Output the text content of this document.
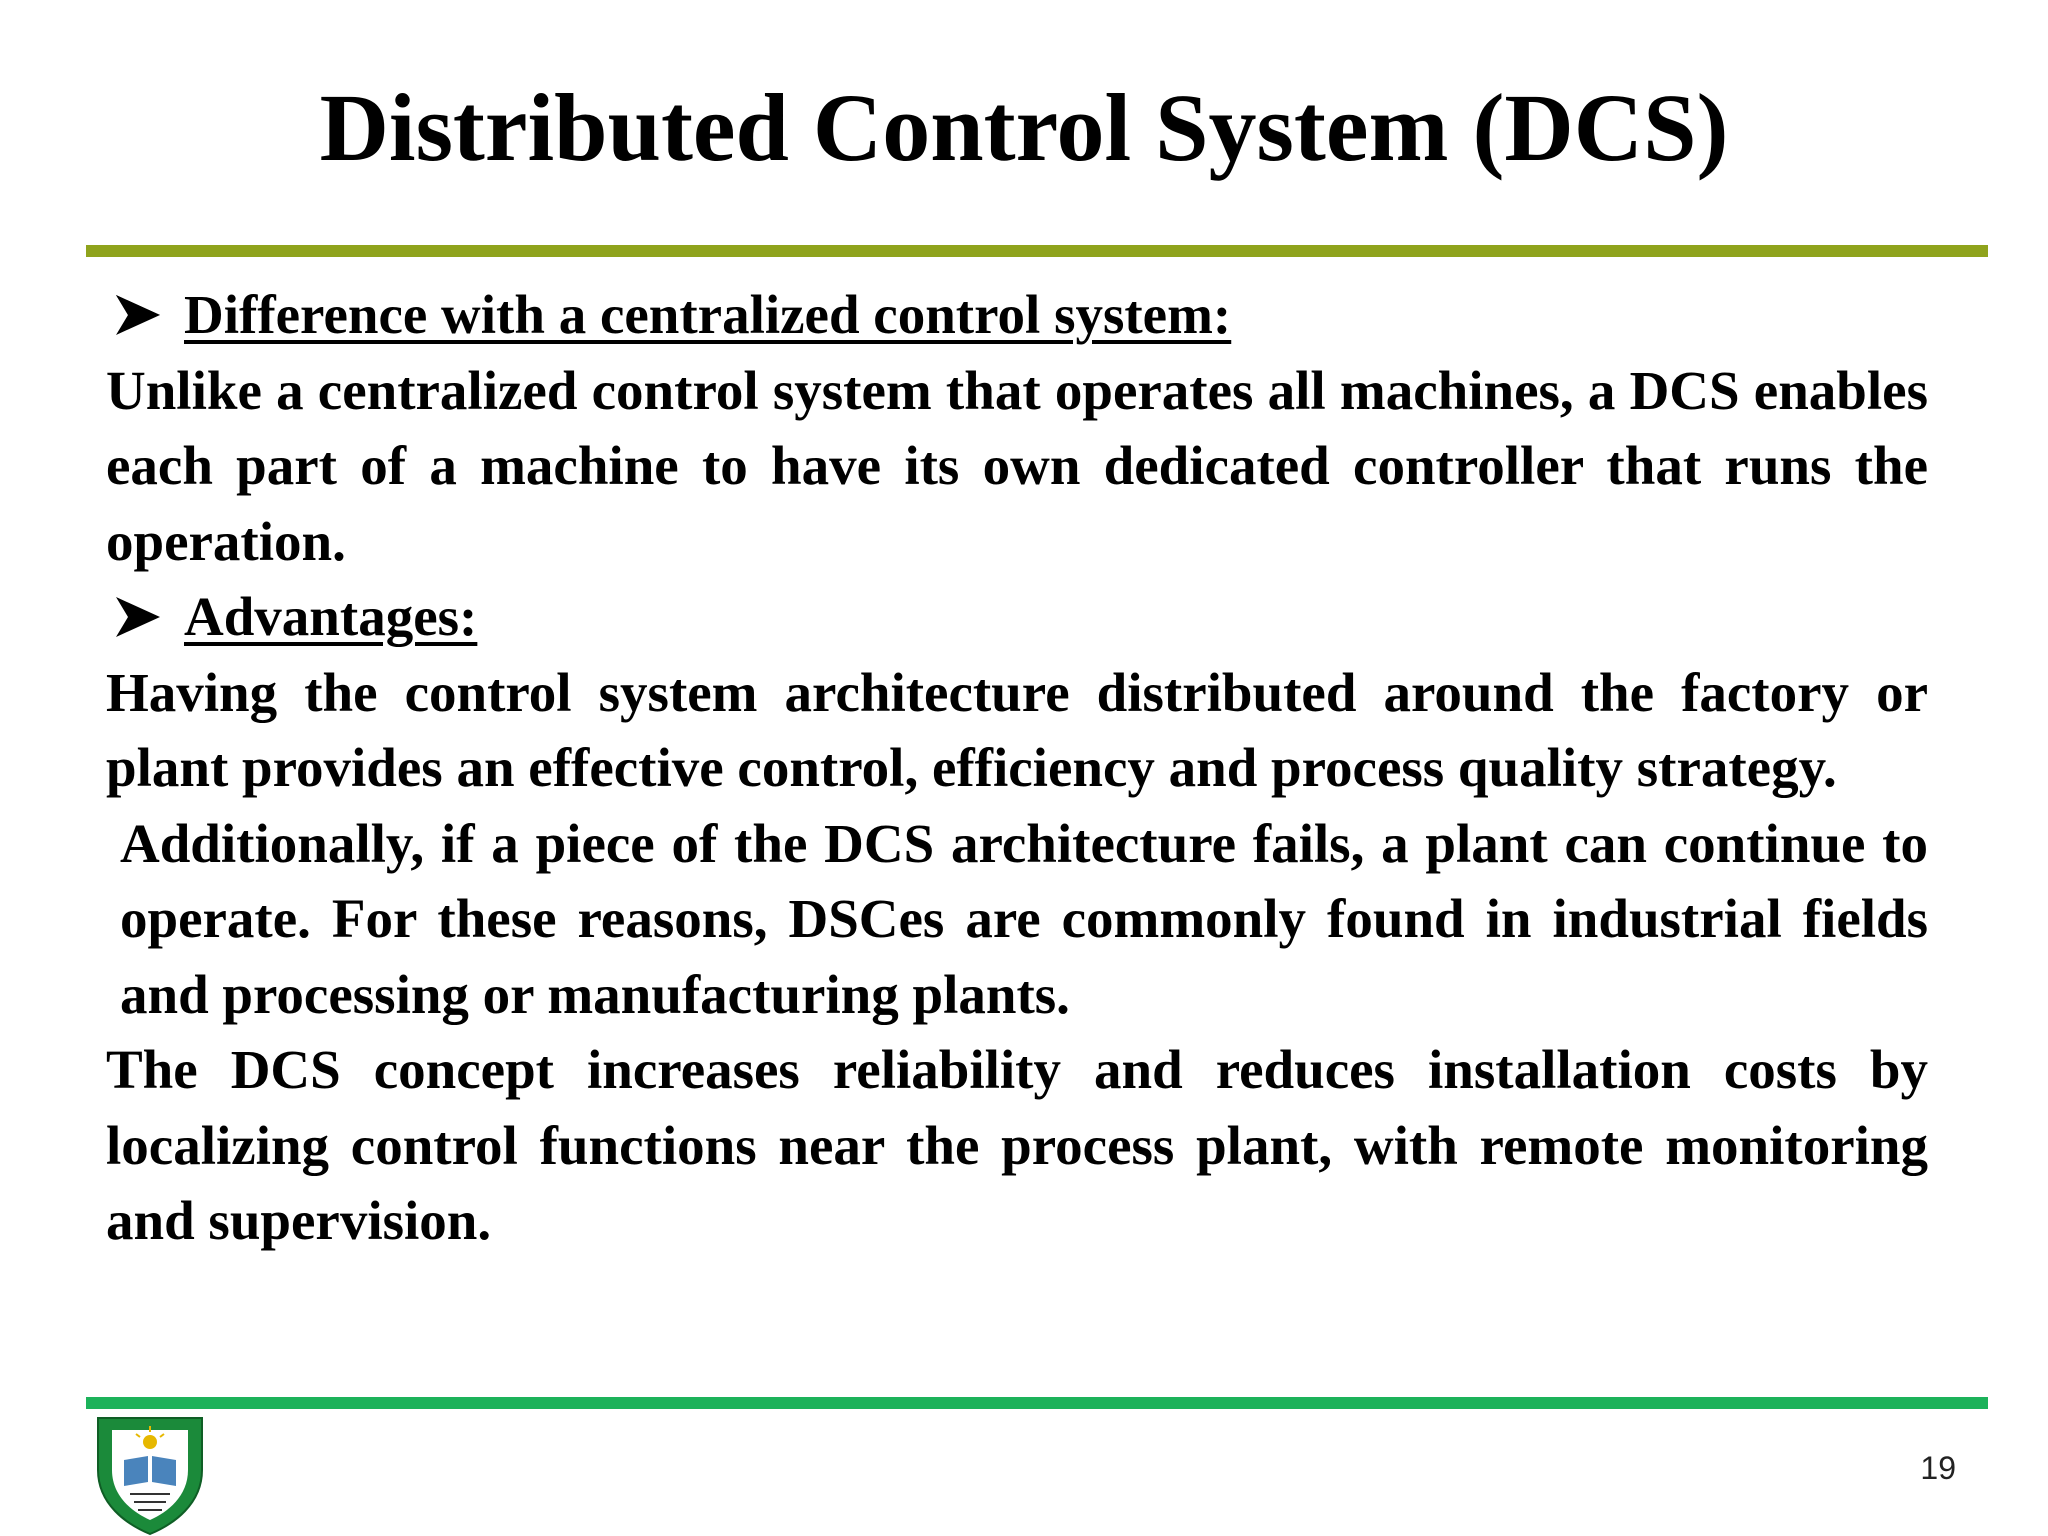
Distributed Control System (DCS)
Difference with a centralized control system:

Unlike a centralized control system that operates all machines, a DCS enables each part of a machine to have its own dedicated controller that runs the operation.

Advantages:

Having the control system architecture distributed around the factory or plant provides an effective control, efficiency and process quality strategy.

Additionally, if a piece of the DCS architecture fails, a plant can continue to operate. For these reasons, DSCes are commonly found in industrial fields and processing or manufacturing plants.

The DCS concept increases reliability and reduces installation costs by localizing control functions near the process plant, with remote monitoring and supervision.

19
